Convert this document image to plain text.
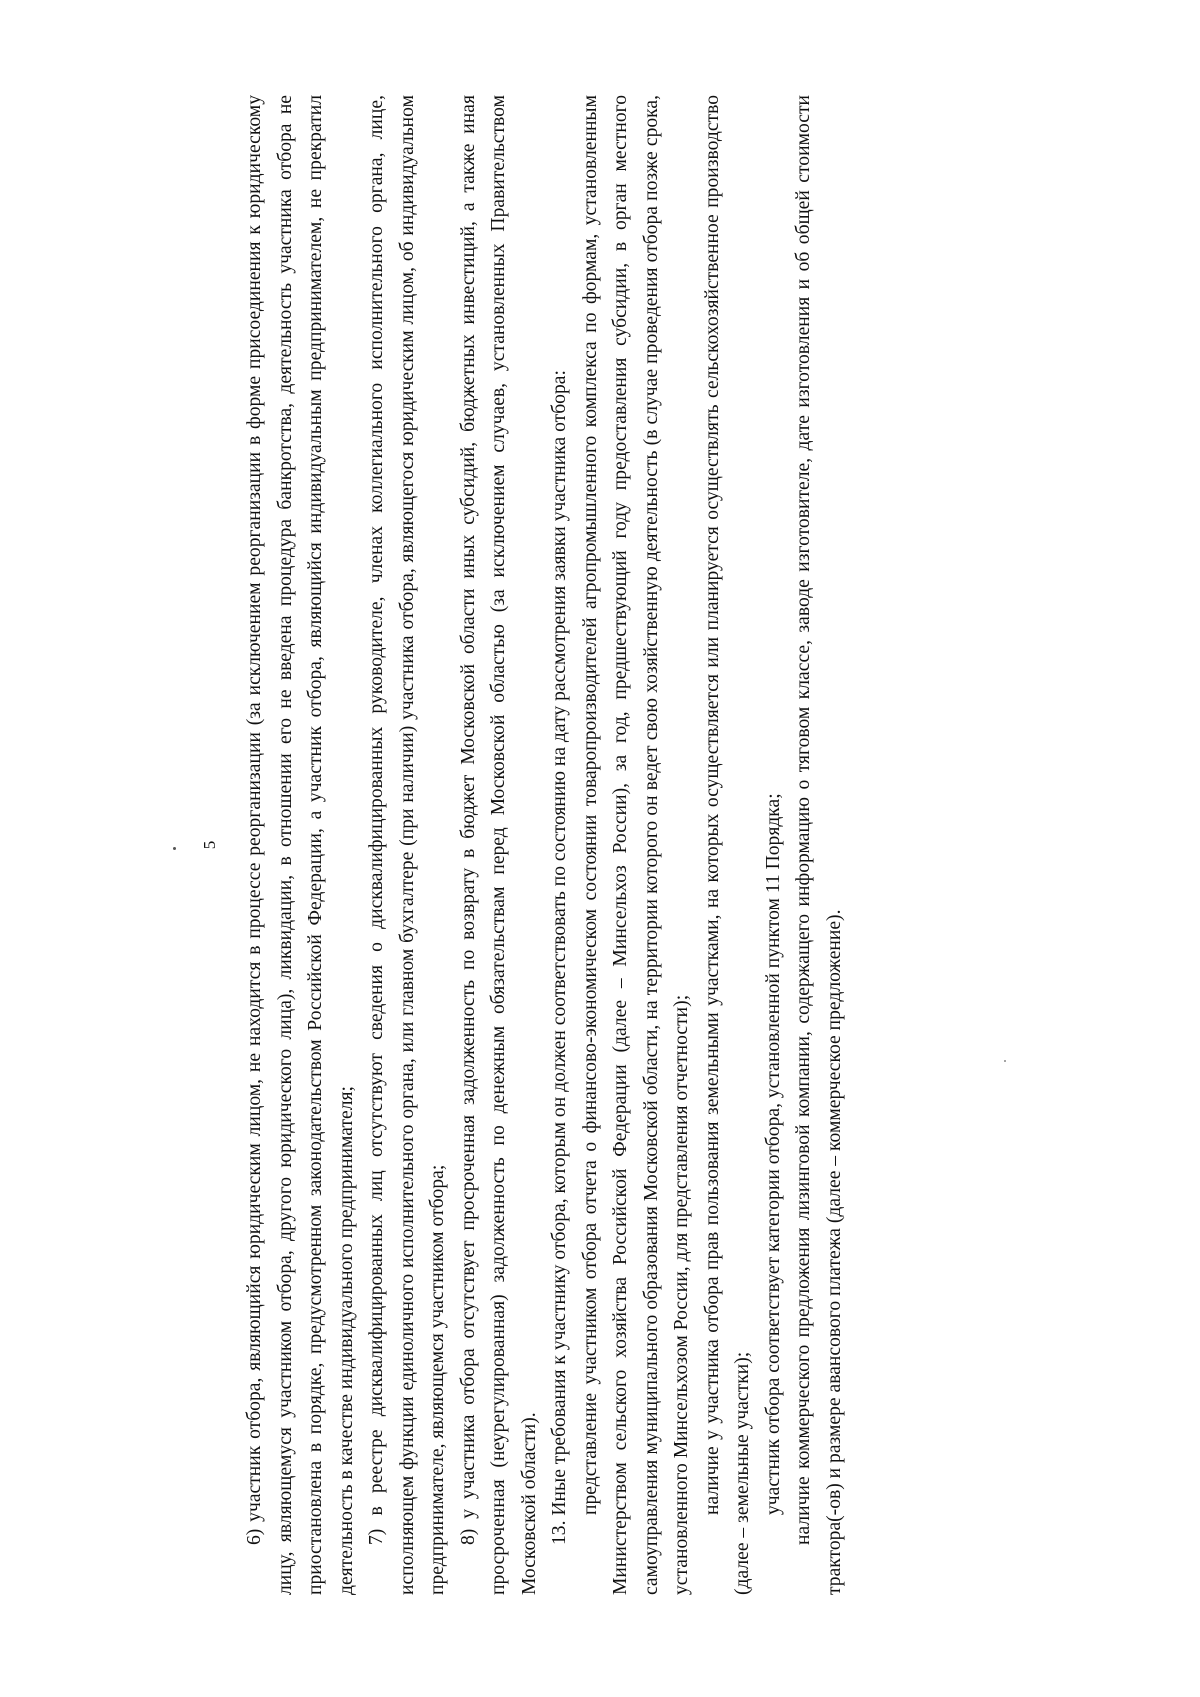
5 6) участник отбора, являющийся юридическим лицом, не находится в процессе реорганизации (за исключением реорганизации в форме присоединения к юридическому лицу, являющемуся участником отбора, другого юридического лица), ликвидации, в отношении его не введена процедура банкротства, деятельность участника отбора не приостановлена в порядке, предусмотренном законодательством Российской Федерации, а участник отбора, являющийся индивидуальным предпринимателем, не прекратил деятельность в качестве индивидуального предпринимателя; 7) в реестре дисквалифицированных лиц отсутствуют сведения о дисквалифицированных руководителе, членах коллегиального исполнительного органа, лице, исполняющем функции единоличного исполнительного органа, или главном бухгалтере (при наличии) участника отбора, являющегося юридическим лицом, об индивидуальном предпринимателе, являющемся участником отбора; 8) у участника отбора отсутствует просроченная задолженность по возврату в бюджет Московской области иных субсидий, бюджетных инвестиций, а также иная просроченная (неурегулированная) задолженность по денежным обязательствам перед Московской областью (за исключением случаев, установленных Правительством Московской области). 13. Иные требования к участнику отбора, которым он должен соответствовать по состоянию на дату рассмотрения заявки участника отбора: представление участником отбора отчета о финансово-экономическом состоянии товаропроизводителей агропромышленного комплекса по формам, установленным Министерством сельского хозяйства Российской Федерации (далее – Минсельхоз России), за год, предшествующий году предоставления субсидии, в орган местного самоуправления муниципального образования Московской области, на территории которого он ведет свою хозяйственную деятельность (в случае проведения отбора позже срока, установленного Минсельхозом России, для представления отчетности); наличие у участника отбора прав пользования земельными участками, на которых осуществляется или планируется осуществлять сельскохозяйственное производство (далее – земельные участки); участник отбора соответствует категории отбора, установленной пунктом 11 Порядка; наличие коммерческого предложения лизинговой компании, содержащего информацию о тяговом классе, заводе изготовителе, дате изготовления и об общей стоимости трактора(-ов) и размере авансового платежа (далее – коммерческое предложение).
